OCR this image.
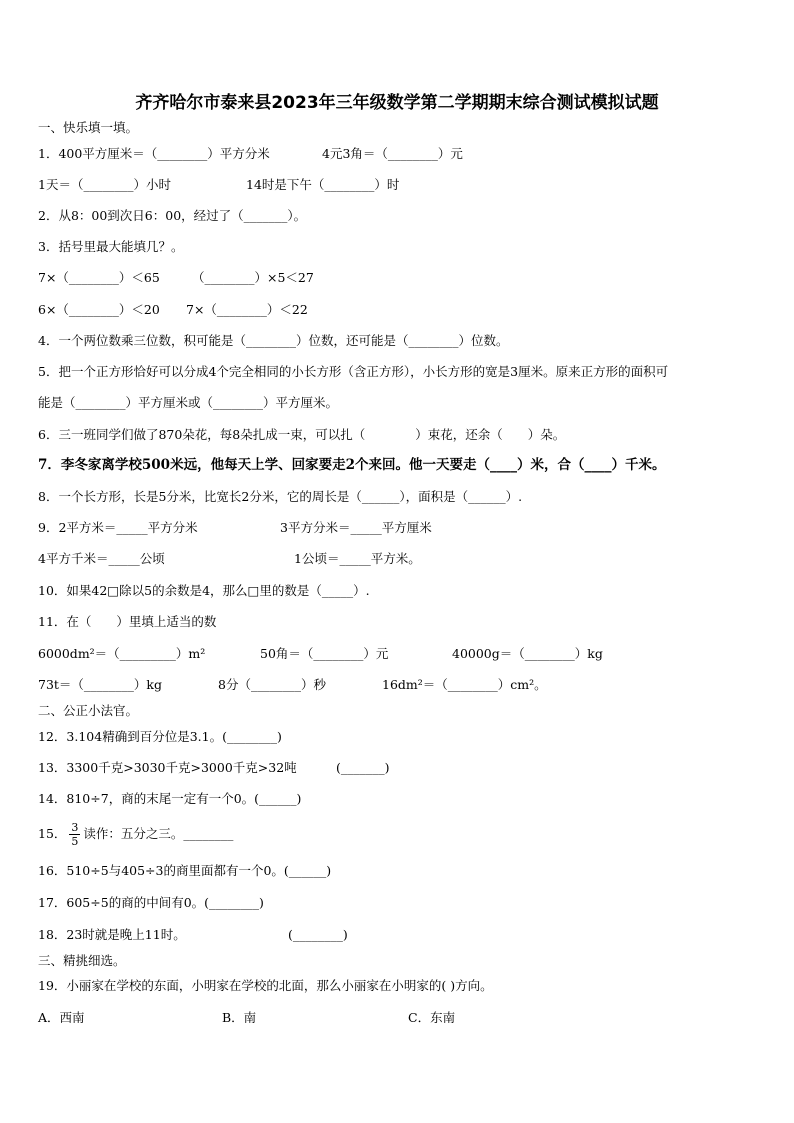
齐齐哈尔市泰来县2023年三年级数学第二学期期末综合测试模拟试题
一、快乐填一填。
1．400平方厘米＝（________）平方分米	4元3角＝（________）元
1天＝（________）小时	14时是下午（________）时
2．从8：00到次日6：00，经过了（_______）。
3．括号里最大能填几？。
7×（________）＜65	（________）×5＜27
6×（________）＜20 7×（________）＜22
4．一个两位数乘三位数，积可能是（________）位数，还可能是（________）位数。
5．把一个正方形恰好可以分成4个完全相同的小长方形（含正方形），小长方形的宽是3厘米。原来正方形的面积可
能是（________）平方厘米或（________）平方厘米。
6．三一班同学们做了870朵花，每8朵扎成一束，可以扎（　　　　）束花，还余（　　）朵。
7．李冬家离学校500米远，他每天上学、回家要走2个来回。他一天要走（____）米，合（____）千米。
8．一个长方形，长是5分米，比宽长2分米，它的周长是（______），面积是（______）.
9．2平方米＝_____平方分米	3平方分米＝_____平方厘米
4平方千米＝_____公顷	1公顷＝_____平方米。
10．如果42□除以5的余数是4，那么□里的数是（_____）.
11．在（　　）里填上适当的数
6000dm²＝（_________）m²	50角＝（________）元	40000g＝（________）kg
73t＝（________）kg	8分（________）秒	16dm²＝（________）cm²。
二、公正小法官。
12．3.104精确到百分位是3.1。(________)
13．3300千克>3030千克>3000千克>32吨	(_______)
14．810÷7，商的末尾一定有一个0。(______)
15． $\frac{3}{5}$ 读作：五分之三。________
16．510÷5与405÷3的商里面都有一个0。(______)
17．605÷5的商的中间有0。(________)
18．23时就是晚上11时。	(________)
三、精挑细选。
19．小丽家在学校的东面，小明家在学校的北面，那么小丽家在小明家的( )方向。
A．西南	B．南	C．东南
